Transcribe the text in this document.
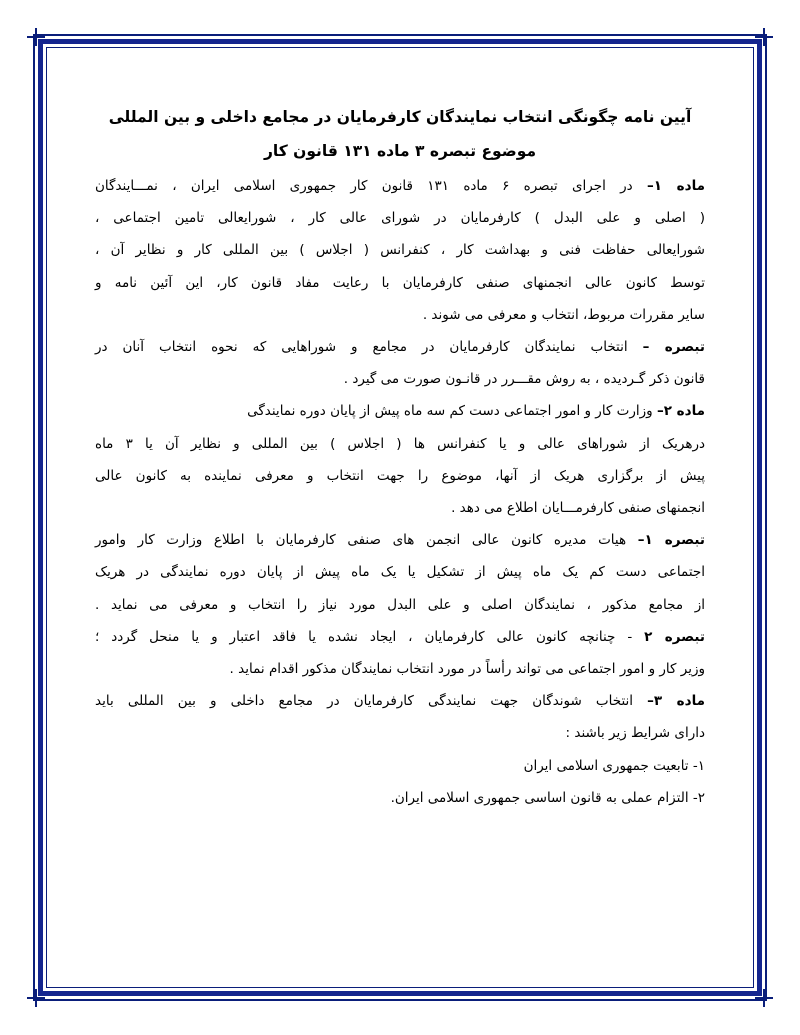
آیین نامه چگونگی انتخاب نمایندگان کارفرمایان در مجامع داخلی و بین المللی

موضوع تبصره ۳ ماده ۱۳۱ قانون کار

ماده ۱– در اجرای تبصره ۶ ماده ۱۳۱ قانون کار جمهوری اسلامی ایران ، نمـــایندگان

( اصلی و علی البدل ) کارفرمایان در شورای عالی کار ، شورایعالی تامین اجتماعی ،

شورایعالی حفاظت فنی و بهداشت کار ، کنفرانس ( اجلاس ) بین المللی کار و نظایر آن ،

توسط کانون عالی انجمنهای صنفی کارفرمایان با رعایت مفاد قانون کار، این آئین نامه و

سایر مقررات مربوط، انتخاب و معرفی می شوند .

تبصره – انتخاب نمایندگان کارفرمایان در مجامع و شوراهایی که نحوه انتخاب آنان در

قانون ذکر گـردیده ، به روش مقـــرر در قانـون صورت می گیرد .

ماده ۲– وزارت کار و امور اجتماعی دست کم سه ماه پیش از پایان دوره نمایندگی

درهریک از شوراهای عالی و یا کنفرانس ها ( اجلاس ) بین المللی و نظایر آن یا ۳ ماه

پیش از برگزاری هریک از آنها، موضوع را جهت انتخاب و معرفی نماینده به کانون عالی

انجمنهای صنفی کارفرمـــایان اطلاع می دهد .

تبصره ۱– هیات مدیره کانون عالی انجمن های صنفی کارفرمایان با اطلاع وزارت کار وامور

اجتماعی دست کم یک ماه پیش از تشکیل یا یک ماه پیش از پایان دوره نمایندگی در هریک

از مجامع مذکور ، نمایندگان اصلی و علی البدل مورد نیاز را انتخاب و معرفی می نماید .

تبصره ۲ - چنانچه کانون عالی کارفرمایان ، ایجاد نشده یا فاقد اعتبار و یا منحل گردد ؛

وزیر کار و امور اجتماعی می تواند رأساً در مورد انتخاب نمایندگان مذکور اقدام نماید .

ماده ۳– انتخاب شوندگان جهت نمایندگی کارفرمایان در مجامع داخلی و بین المللی باید

دارای شرایط زیر باشند :

۱- تابعیت جمهوری اسلامی ایران

۲- التزام عملی به قانون اساسی جمهوری اسلامی ایران.
